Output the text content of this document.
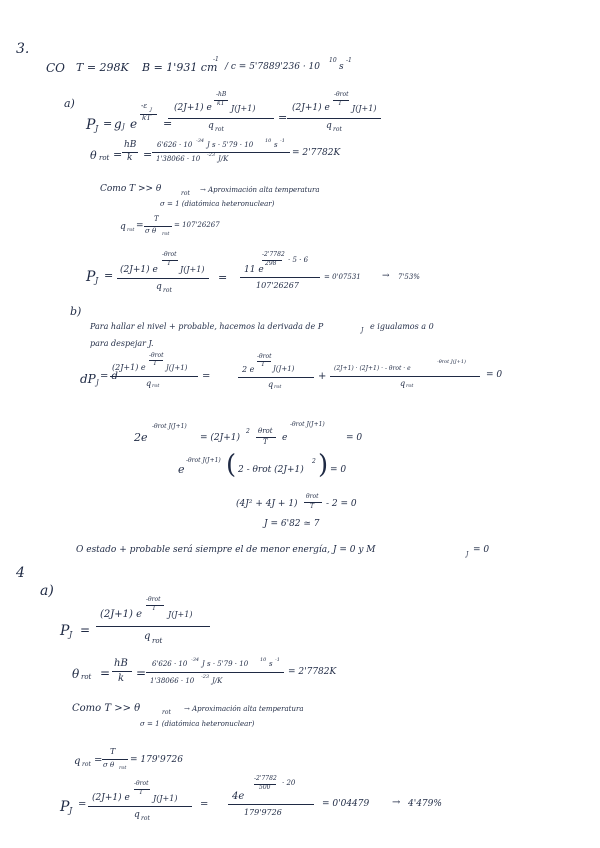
3.
CO T = 298K B = 1'931 cm
-1
/ c = 5'7889'236 · 10
10
s
-1
a)
P J = g J e
-ε J
kT =
(2J+1) e
-hB
kT
J(J+1)
q rot
=
(2J+1) e
-θrot
T
J(J+1)
q rot
θ rot =
hB
k =
6'626 · 10 -34 J s · 5'79 · 10 10 s -1
1'38066 · 10 -23 J/K
= 2'7782K
Como T >> θ	rot → Aproximación alta temperatura
σ = 1 (diatómica heteronuclear)
q rot =
T
σ θ rot
= 107'26267
P J = (2J+1) e
-θrot
T
J(J+1)
q rot
=
11 e
-2'7782
298 · 5 · 6
107'26267
= 0'07531 → 7'53%
b)
Para hallar el nivel + probable, hacemos la derivada de P	J e igualamos a 0
para despejar J.
dP J
= d
(2J+1) e
-θrot
T
J(J+1)
q rot
=
2 e
-θrot
T
J(J+1)
q rot
+
(2J+1) · (2J+1) · - θrot · e
-θrot J(J+1)
q rot
= 0
2e
-θrot J(J+1)
= (2J+1)
2 θrot
T e
-θrot J(J+1)
= 0
e
-θrot J(J+1) ( 2 - θrot (2J+1)
2 ) = 0
(4J² + 4J + 1)
θrot
T - 2 = 0
J = 6'82 ≃ 7
O estado + probable será siempre el de menor energía, J = 0 y M	J = 0
4
a)
P J =
(2J+1) e
-θrot
T
J(J+1)
q rot
θ rot =
hB
k =
6'626 · 10 -34 J s · 5'79 · 10 10 s -1
1'38066 · 10 -23 J/K
= 2'7782K
Como T >> θ	rot → Aproximación alta temperatura
σ = 1 (diatómica heteronuclear)
q rot =
T
σ θ rot
= 179'9726
P J
=
(2J+1) e
-θrot
T
J(J+1)
q rot
=
4e
-2'7782
500
· 20
179'9726
= 0'04479 → 4'479%
